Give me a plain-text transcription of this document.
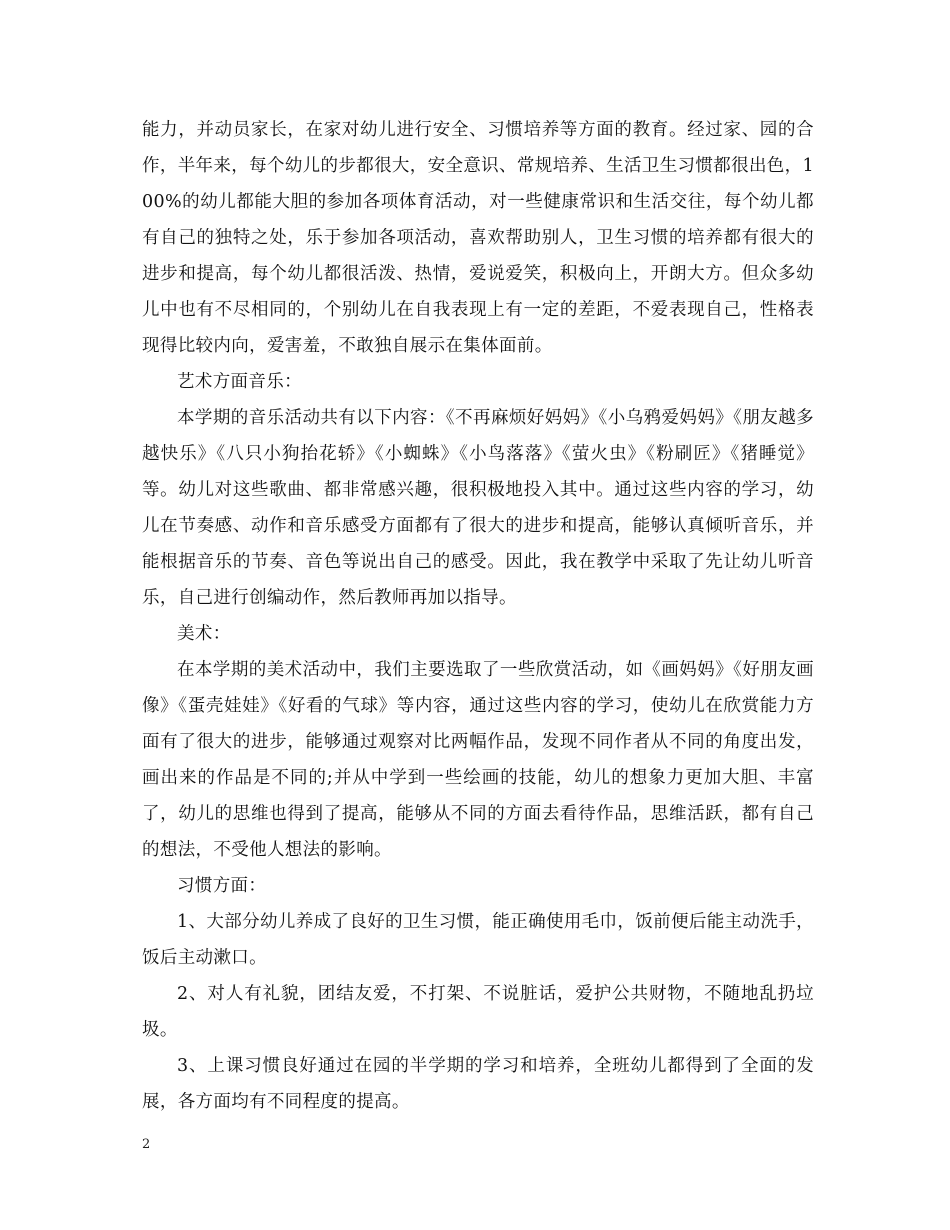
能力，并动员家长，在家对幼儿进行安全、习惯培养等方面的教育。经过家、园的合作，半年来，每个幼儿的步都很大，安全意识、常规培养、生活卫生习惯都很出色，100%的幼儿都能大胆的参加各项体育活动，对一些健康常识和生活交往，每个幼儿都有自己的独特之处，乐于参加各项活动，喜欢帮助别人，卫生习惯的培养都有很大的进步和提高，每个幼儿都很活泼、热情，爱说爱笑，积极向上，开朗大方。但众多幼儿中也有不尽相同的，个别幼儿在自我表现上有一定的差距，不爱表现自己，性格表现得比较内向，爱害羞，不敢独自展示在集体面前。

艺术方面音乐：

本学期的音乐活动共有以下内容：《不再麻烦好妈妈》《小乌鸦爱妈妈》《朋友越多越快乐》《八只小狗抬花轿》《小蜘蛛》《小鸟落落》《萤火虫》《粉刷匠》《猪睡觉》等。幼儿对这些歌曲、都非常感兴趣，很积极地投入其中。通过这些内容的学习，幼儿在节奏感、动作和音乐感受方面都有了很大的进步和提高，能够认真倾听音乐，并能根据音乐的节奏、音色等说出自己的感受。因此，我在教学中采取了先让幼儿听音乐，自己进行创编动作，然后教师再加以指导。

美术：

在本学期的美术活动中，我们主要选取了一些欣赏活动，如《画妈妈》《好朋友画像》《蛋壳娃娃》《好看的气球》等内容，通过这些内容的学习，使幼儿在欣赏能力方面有了很大的进步，能够通过观察对比两幅作品，发现不同作者从不同的角度出发，画出来的作品是不同的;并从中学到一些绘画的技能，幼儿的想象力更加大胆、丰富了，幼儿的思维也得到了提高，能够从不同的方面去看待作品，思维活跃，都有自己的想法，不受他人想法的影响。

习惯方面：

1、大部分幼儿养成了良好的卫生习惯，能正确使用毛巾，饭前便后能主动洗手，饭后主动漱口。

2、对人有礼貌，团结友爱，不打架、不说脏话，爱护公共财物，不随地乱扔垃圾。

3、上课习惯良好通过在园的半学期的学习和培养，全班幼儿都得到了全面的发展，各方面均有不同程度的提高。

2
